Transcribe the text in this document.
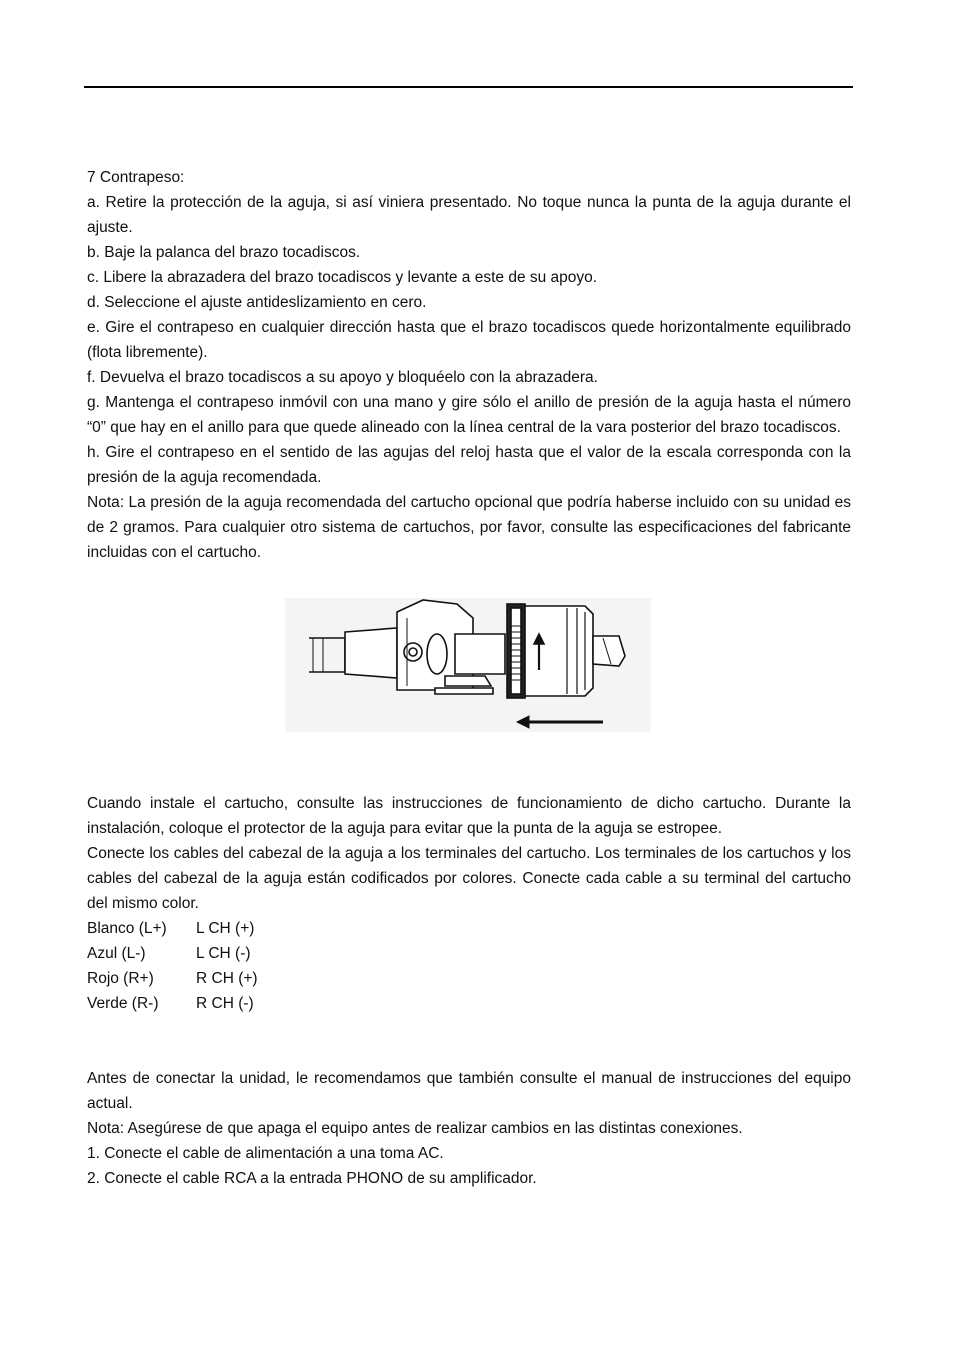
7 Contrapeso:

a. Retire la protección de la aguja, si así viniera presentado. No toque nunca la punta de la aguja durante el ajuste.

b. Baje la palanca del brazo tocadiscos.

c. Libere la abrazadera del brazo tocadiscos y levante a este de su apoyo.

d. Seleccione el ajuste antideslizamiento en cero.

e. Gire el contrapeso en cualquier dirección hasta que el brazo tocadiscos quede horizontalmente equilibrado (flota libremente).

f. Devuelva el brazo tocadiscos a su apoyo y bloquéelo con la abrazadera.

g. Mantenga el contrapeso inmóvil con una mano y gire sólo el anillo de presión de la aguja hasta el número “0” que hay en el anillo para que quede alineado con la línea central de la vara posterior del brazo tocadiscos.

h. Gire el contrapeso en el sentido de las agujas del reloj hasta que el valor de la escala corresponda con la presión de la aguja recomendada.

Nota: La presión de la aguja recomendada del cartucho opcional que podría haberse incluido con su unidad es de 2 gramos. Para cualquier otro sistema de cartuchos, por favor, consulte las especificaciones del fabricante incluidas con el cartucho.

Cuando instale el cartucho, consulte las instrucciones de funcionamiento de dicho cartucho. Durante la instalación, coloque el protector de la aguja para evitar que la punta de la aguja se estropee.

Conecte los cables del cabezal de la aguja a los terminales del cartucho. Los terminales de los cartuchos y los cables del cabezal de la aguja están codificados por colores. Conecte cada cable a su terminal del cartucho del mismo color.

Blanco (L+)	L CH (+)
Azul (L-)	L CH (-)
Rojo (R+)	R CH (+)
Verde (R-)	R CH (-)

Antes de conectar la unidad, le recomendamos que también consulte el manual de instrucciones del equipo actual.

Nota: Asegúrese de que apaga el equipo antes de realizar cambios en las distintas conexiones.

1. Conecte el cable de alimentación a una toma AC.

2. Conecte el cable RCA a la entrada PHONO de su amplificador.
